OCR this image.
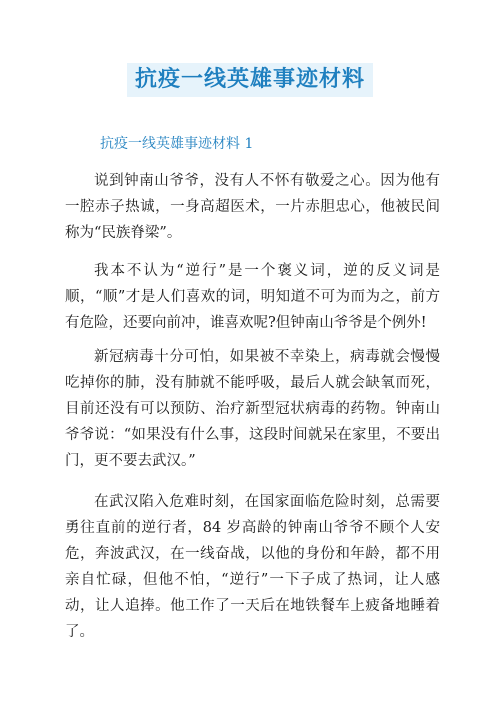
抗疫一线英雄事迹材料
抗疫一线英雄事迹材料 1

说到钟南山爷爷，没有人不怀有敬爱之心。因为他有一腔赤子热诚，一身高超医术，一片赤胆忠心，他被民间称为“民族脊梁”。

我本不认为“逆行”是一个褒义词，逆的反义词是顺，“顺”才是人们喜欢的词，明知道不可为而为之，前方有危险，还要向前冲，谁喜欢呢?但钟南山爷爷是个例外!

新冠病毒十分可怕，如果被不幸染上，病毒就会慢慢吃掉你的肺，没有肺就不能呼吸，最后人就会缺氧而死，目前还没有可以预防、治疗新型冠状病毒的药物。钟南山爷爷说：“如果没有什么事，这段时间就呆在家里，不要出门，更不要去武汉。”

在武汉陷入危难时刻，在国家面临危险时刻，总需要勇往直前的逆行者，84 岁高龄的钟南山爷爷不顾个人安危，奔波武汉，在一线奋战，以他的身份和年龄，都不用亲自忙碌，但他不怕，“逆行”一下子成了热词，让人感动，让人追捧。他工作了一天后在地铁餐车上疲备地睡着了。
